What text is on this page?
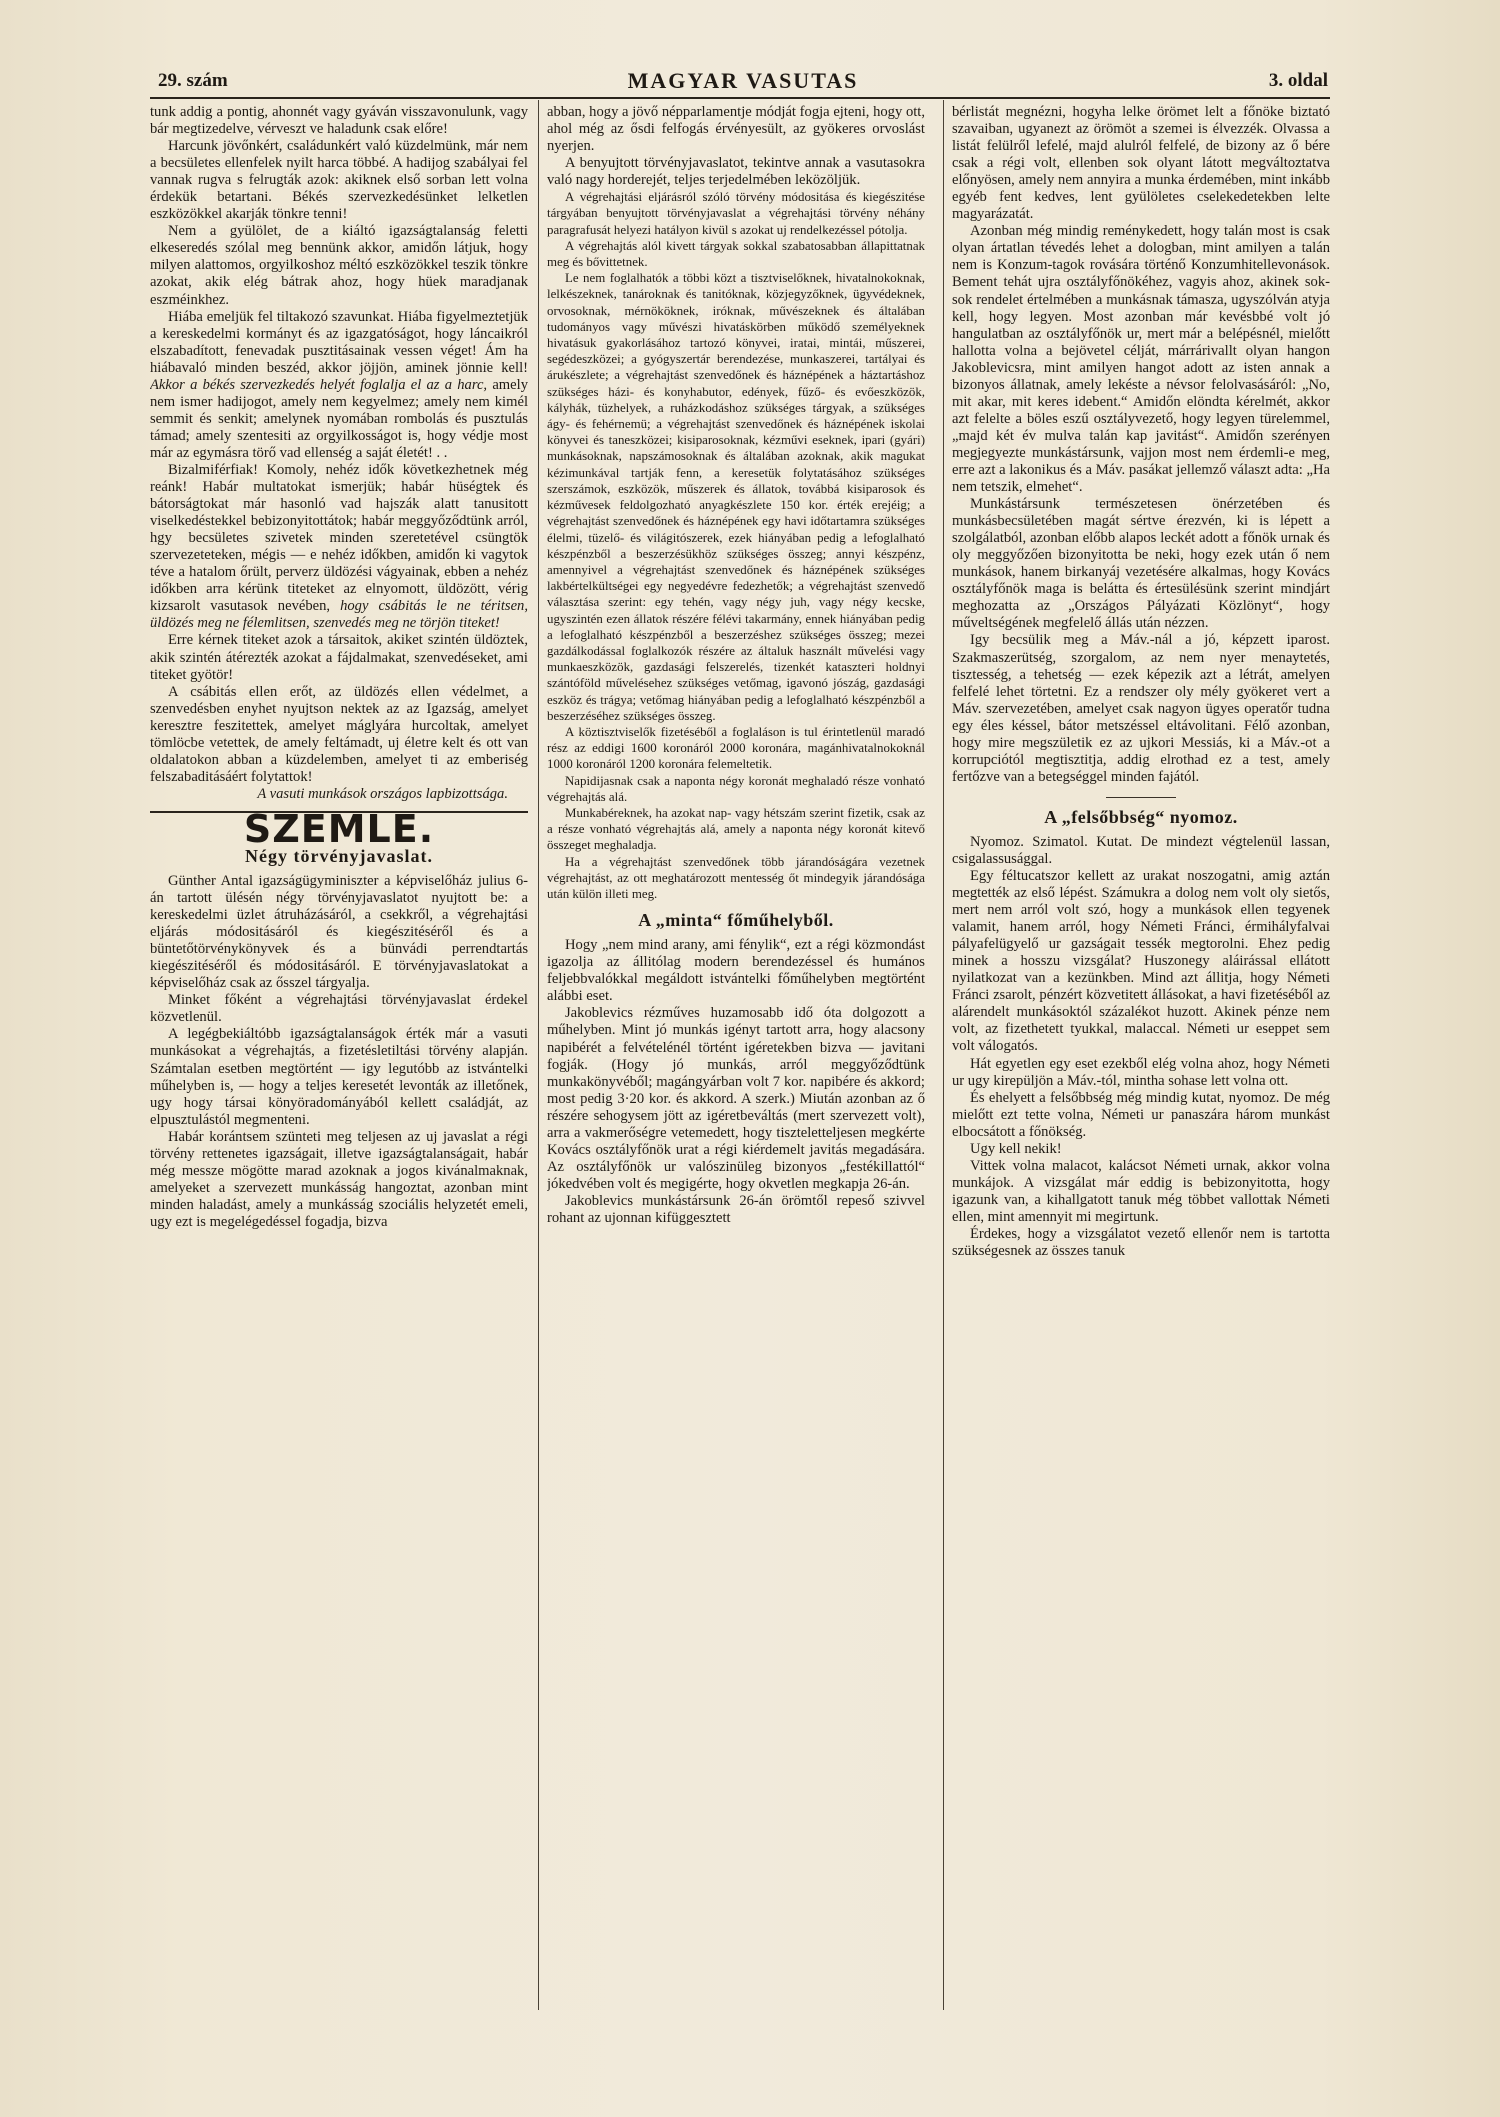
29. szám	MAGYAR VASUTAS	3. oldal

tunk addig a pontig, ahonnét vagy gyáván visszavonulunk, vagy bár megtizedelve, vérveszt ve haladunk csak előre!

Harcunk jövőnkért, családunkért való küzdelmünk, már nem a becsületes ellenfelek nyilt harca többé. A hadijog szabályai fel vannak rugva s felrugták azok: akiknek első sorban lett volna érdekük betartani. Békés szervezkedésünket lelketlen eszközökkel akarják tönkre tenni!

Nem a gyülölet, de a kiáltó igazságtalanság feletti elkeseredés szólal meg bennünk akkor, amidőn látjuk, hogy milyen alattomos, orgyilkoshoz méltó eszközökkel teszik tönkre azokat, akik elég bátrak ahoz, hogy hüek maradjanak eszméinkhez.

Hiába emeljük fel tiltakozó szavunkat. Hiába figyelmeztetjük a kereskedelmi kormányt és az igazgatóságot, hogy láncaikról elszabadított, fenevadak pusztitásainak vessen véget! Ám ha hiábavaló minden beszéd, akkor jöjjön, aminek jönnie kell! Akkor a békés szervezkedés helyét foglalja el az a harc, amely nem ismer hadijogot, amely nem kegyelmez; amely nem kimél semmit és senkit; amelynek nyomában rombolás és pusztulás támad; amely szentesiti az orgyilkosságot is, hogy védje most már az egymásra törő vad ellenség a saját életét! . .

Bizalmiférfiak! Komoly, nehéz idők következhetnek még reánk! Habár multatokat ismerjük; habár hüségtek és bátorságtokat már hasonló vad hajszák alatt tanusitott viselkedéstekkel bebizonyitottátok; habár meggyőződtünk arról, hgy becsületes szivetek minden szeretetével csüngtök szervezeteteken, mégis — e nehéz időkben, amidőn ki vagytok téve a hatalom őrült, perverz üldözési vágyainak, ebben a nehéz időkben arra kérünk titeteket az elnyomott, üldözött, vérig kizsarolt vasutasok nevében, hogy csábitás le ne téritsen, üldözés meg ne félemlitsen, szenvedés meg ne törjön titeket!

Erre kérnek titeket azok a társaitok, akiket szintén üldöztek, akik szintén átérezték azokat a fájdalmakat, szenvedéseket, ami titeket gyötör!

A csábitás ellen erőt, az üldözés ellen védelmet, a szenvedésben enyhet nyujtson nektek az az Igazság, amelyet keresztre feszitettek, amelyet máglyára hurcoltak, amelyet tömlöcbe vetettek, de amely feltámadt, uj életre kelt és ott van oldalatokon abban a küzdelemben, amelyet ti az emberiség felszabaditásáért folytattok!

A vasuti munkások országos lapbizottsága.

SZEMLE.
Négy törvényjavaslat.

Günther Antal igazságügyminiszter a képviselőház julius 6-án tartott ülésén négy törvényjavaslatot nyujtott be: a kereskedelmi üzlet átruházásáról, a csekkről, a végrehajtási eljárás módositásáról és kiegészitéséről és a büntetőtörvénykönyvek és a bünvádi perrendtartás kiegészitéséről és módositásáról. E törvényjavaslatokat a képviselőház csak az ősszel tárgyalja.

Minket főként a végrehajtási törvényjavaslat érdekel közvetlenül.

A legégbekiáltóbb igazságtalanságok érték már a vasuti munkásokat a végrehajtás, a fizetésletiltási törvény alapján. Számtalan esetben megtörtént — igy legutóbb az istvántelki műhelyben is, — hogy a teljes keresetét levonták az illetőnek, ugy hogy társai könyöradományából kellett családját, az elpusztulástól megmenteni.

Habár korántsem szünteti meg teljesen az uj javaslat a régi törvény rettenetes igazságait, illetve igazságtalanságait, habár még messze mögötte marad azoknak a jogos kivánalmaknak, amelyeket a szervezett munkásság hangoztat, azonban mint minden haladást, amely a munkásság szociális helyzetét emeli, ugy ezt is megelégedéssel fogadja, bizva

abban, hogy a jövő népparlamentje módját fogja ejteni, hogy ott, ahol még az ősdi felfogás érvényesült, az gyökeres orvoslást nyerjen.

A benyujtott törvényjavaslatot, tekintve annak a vasutasokra való nagy horderejét, teljes terjedelmében leközöljük.

A végrehajtási eljárásról szóló törvény módositása és kiegészitése tárgyában benyujtott törvényjavaslat a végrehajtási törvény néhány paragrafusát helyezi hatályon kivül s azokat uj rendelkezéssel pótolja.

A végrehajtás alól kivett tárgyak sokkal szabatosabban állapittatnak meg és bővittetnek.

Le nem foglalhatók a többi közt a tisztviselőknek, hivatalnokoknak, lelkészeknek, tanároknak és tanitóknak, közjegyzőknek, ügyvédeknek, orvosoknak, mérnököknek, iróknak, művészeknek és általában tudományos vagy művészi hivatáskörben működő személyeknek hivatásuk gyakorlásához tartozó könyvei, iratai, mintái, műszerei, segédeszközei; a gyógyszertár berendezése, munkaszerei, tartályai és árukészlete; a végrehajtást szenvedőnek és háznépének a háztartáshoz szükséges házi- és konyhabutor, edények, fűző- és evőeszközök, kályhák, tüzhelyek, a ruházkodáshoz szükséges tárgyak, a szükséges ágy- és fehérnemü; a végrehajtást szenvedőnek és háznépének iskolai könyvei és taneszközei; kisiparosoknak, kézművi eseknek, ipari (gyári) munkásoknak, napszámosoknak és általában azoknak, akik magukat kézimunkával tartják fenn, a keresetük folytatásához szükséges szerszámok, eszközök, műszerek és állatok, továbbá kisiparosok és kézművesek feldolgozható anyagkészlete 150 kor. érték erejéig; a végrehajtást szenvedőnek és háznépének egy havi időtartamra szükséges élelmi, tüzelő- és világitószerek, ezek hiányában pedig a lefoglalható készpénzből a beszerzésükhöz szükséges összeg; annyi készpénz, amennyivel a végrehajtást szenvedőnek és háznépének szükséges lakbértelkültségei egy negyedévre fedezhetők; a végrehajtást szenvedő választása szerint: egy tehén, vagy négy juh, vagy négy kecske, ugyszintén ezen állatok részére félévi takarmány, ennek hiányában pedig a lefoglalható készpénzből a beszerzéshez szükséges összeg; mezei gazdálkodással foglalkozók részére az általuk használt művelési vagy munkaeszközök, gazdasági felszerelés, tizenkét kataszteri holdnyi szántóföld művelésehez szükséges vetőmag, igavonó jószág, gazdasági eszköz és trágya; vetőmag hiányában pedig a lefoglalható készpénzből a beszerzéséhez szükséges összeg.

A köztisztviselők fizetéséből a foglaláson is tul érintetlenül maradó rész az eddigi 1600 koronáról 2000 koronára, magánhivatalnokoknál 1000 koronáról 1200 koronára felemeltetik.

Napidijasnak csak a naponta négy koronát meghaladó része vonható végrehajtás alá.

Munkabéreknek, ha azokat nap- vagy hétszám szerint fizetik, csak az a része vonható végrehajtás alá, amely a naponta négy koronát kitevő összeget meghaladja.

Ha a végrehajtást szenvedőnek több járandóságára vezetnek végrehajtást, az ott meghatározott mentesség őt mindegyik járandósága után külön illeti meg.

A „minta“ főműhelyből.

Hogy „nem mind arany, ami fénylik“, ezt a régi közmondást igazolja az állitólag modern berendezéssel és humános feljebbvalókkal megáldott istvántelki főműhelyben megtörtént alábbi eset.

Jakoblevics rézműves huzamosabb idő óta dolgozott a műhelyben. Mint jó munkás igényt tartott arra, hogy alacsony napibérét a felvételénél történt igéretekben bizva — javitani fogják. (Hogy jó munkás, arról meggyőződtünk munkakönyvéből; magángyárban volt 7 kor. napibére és akkord; most pedig 3·20 kor. és akkord. A szerk.) Miután azonban az ő részére sehogysem jött az igéretbeváltás (mert szervezett volt), arra a vakmerőségre vetemedett, hogy tiszteletteljesen megkérte Kovács osztályfőnök urat a régi kiérdemelt javitás megadására. Az osztályfőnök ur valószinüleg bizonyos „festékillattól“ jókedvében volt és megigérte, hogy okvetlen megkapja 26-án.

Jakoblevics munkástársunk 26-án örömtől repeső szivvel rohant az ujonnan kifüggesztett

bérlistát megnézni, hogyha lelke örömet lelt a főnöke biztató szavaiban, ugyanezt az örömöt a szemei is élvezzék. Olvassa a listát felülről lefelé, majd alulról felfelé, de bizony az ő bére csak a régi volt, ellenben sok olyant látott megváltoztatva előnyösen, amely nem annyira a munka érdemében, mint inkább egyéb fent kedves, lent gyülöletes cselekedetekben lelte magyarázatát.

Azonban még mindig reménykedett, hogy talán most is csak olyan ártatlan tévedés lehet a dologban, mint amilyen a talán nem is Konzum-tagok rovására történő Konzumhitellevonások. Bement tehát ujra osztályfőnökéhez, vagyis ahoz, akinek sok-sok rendelet értelmében a munkásnak támasza, ugyszólván atyja kell, hogy legyen. Most azonban már kevésbbé volt jó hangulatban az osztályfőnök ur, mert már a belépésnél, mielőtt hallotta volna a bejövetel célját, márrárivallt olyan hangon Jakoblevicsra, mint amilyen hangot adott az isten annak a bizonyos állatnak, amely lekéste a névsor felolvasásáról: „No, mit akar, mit keres idebent.“ Amidőn elöndta kérelmét, akkor azt felelte a böles eszű osztályvezető, hogy legyen türelemmel, „majd két év mulva talán kap javitást“. Amidőn szerényen megjegyezte munkástársunk, vajjon most nem érdemli-e meg, erre azt a lakonikus és a Máv. pasákat jellemző választ adta: „Ha nem tetszik, elmehet“.

Munkástársunk természetesen önérzetében és munkásbecsületében magát sértve érezvén, ki is lépett a szolgálatból, azonban előbb alapos leckét adott a főnök urnak és oly meggyőzően bizonyitotta be neki, hogy ezek után ő nem munkások, hanem birkanyáj vezetésére alkalmas, hogy Kovács osztályfőnök maga is belátta és értesülésünk szerint mindjárt meghozatta az „Országos Pályázati Közlönyt“, hogy műveltségének megfelelő állás után nézzen.

Igy becsülik meg a Máv.-nál a jó, képzett iparost. Szakmaszerütség, szorgalom, az nem nyer menaytetés, tisztesség, a tehetség — ezek képezik azt a létrát, amelyen felfelé lehet törtetni. Ez a rendszer oly mély gyökeret vert a Máv. szervezetében, amelyet csak nagyon ügyes operatőr tudna egy éles késsel, bátor metszéssel eltávolitani. Félő azonban, hogy mire megszületik ez az ujkori Messiás, ki a Máv.-ot a korrupciótól megtisztitja, addig elrothad ez a test, amely fertőzve van a betegséggel minden fajától.

A „felsőbbség“ nyomoz.

Nyomoz. Szimatol. Kutat. De mindezt végtelenül lassan, csigalassusággal.

Egy féltucatszor kellett az urakat noszogatni, amig aztán megtették az első lépést. Számukra a dolog nem volt oly sietős, mert nem arról volt szó, hogy a munkások ellen tegyenek valamit, hanem arról, hogy Németi Fránci, érmihályfalvai pályafelügyelő ur gazságait tessék megtorolni. Ehez pedig minek a hosszu vizsgálat? Huszonegy aláirással ellátott nyilatkozat van a kezünkben. Mind azt állitja, hogy Németi Fránci zsarolt, pénzért közvetitett állásokat, a havi fizetéséből az alárendelt munkásoktól százalékot huzott. Akinek pénze nem volt, az fizethetett tyukkal, malaccal. Németi ur eseppet sem volt válogatós.

Hát egyetlen egy eset ezekből elég volna ahoz, hogy Németi ur ugy kirepüljön a Máv.-tól, mintha sohase lett volna ott.

És ehelyett a felsőbbség még mindig kutat, nyomoz. De még mielőtt ezt tette volna, Németi ur panaszára három munkást elbocsátott a főnökség.

Ugy kell nekik!

Vittek volna malacot, kalácsot Németi urnak, akkor volna munkájok. A vizsgálat már eddig is bebizonyitotta, hogy igazunk van, a kihallgatott tanuk még többet vallottak Németi ellen, mint amennyit mi megirtunk.

Érdekes, hogy a vizsgálatot vezető ellenőr nem is tartotta szükségesnek az összes tanuk
